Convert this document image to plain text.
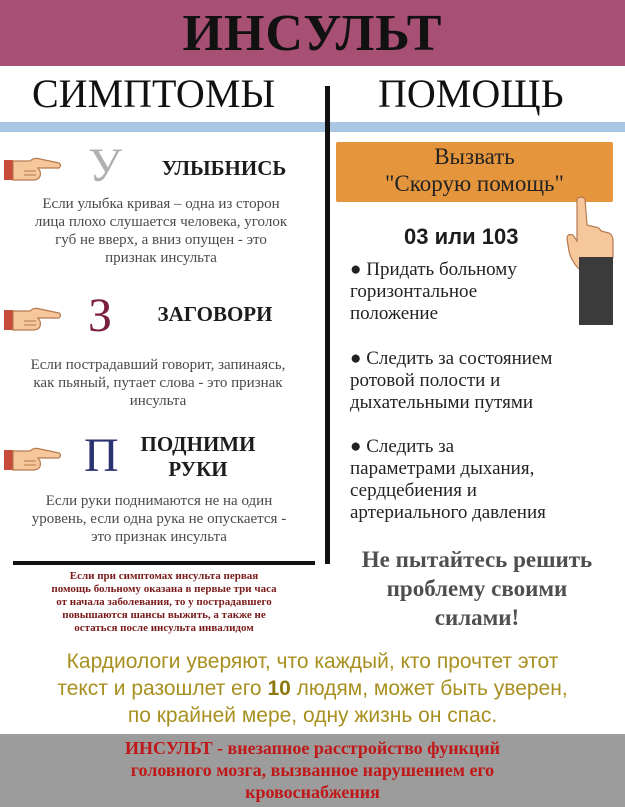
ИНСУЛЬТ
СИМПТОМЫ	ПОМОЩЬ
У	УЛЫБНИСЬ
Если улыбка кривая – одна из сторон
лица плохо слушается человека, уголок
губ не вверх, а вниз опущен - это
признак инсульта
З	ЗАГОВОРИ
Если пострадавший говорит, запинаясь,
как пьяный, путает слова - это признак
инсульта
П ПОДНИМИ
РУКИ
Если руки поднимаются не на один
уровень, если одна рука не опускается -
это признак инсульта
Если при симптомах инсульта первая
помощь больному оказана в первые три часа
от начала заболевания, то у пострадавшего
повышаются шансы выжить, а также не
остаться после инсульта инвалидом
Вызвать
"Скорую помощь"
03 или 103
● Придать больному
горизонтальное
положение
● Следить за состоянием
ротовой полости и
дыхательными путями
● Следить за
параметрами дыхания,
сердцебиения и
артериального давления
Не пытайтесь решить
проблему своими
силами!
Кардиологи уверяют, что каждый, кто прочтет этот
текст и разошлет его 10 людям, может быть уверен,
по крайней мере, одну жизнь он спас.
ИНСУЛЬТ - внезапное расстройство функций
головного мозга, вызванное нарушением его
кровоснабжения
